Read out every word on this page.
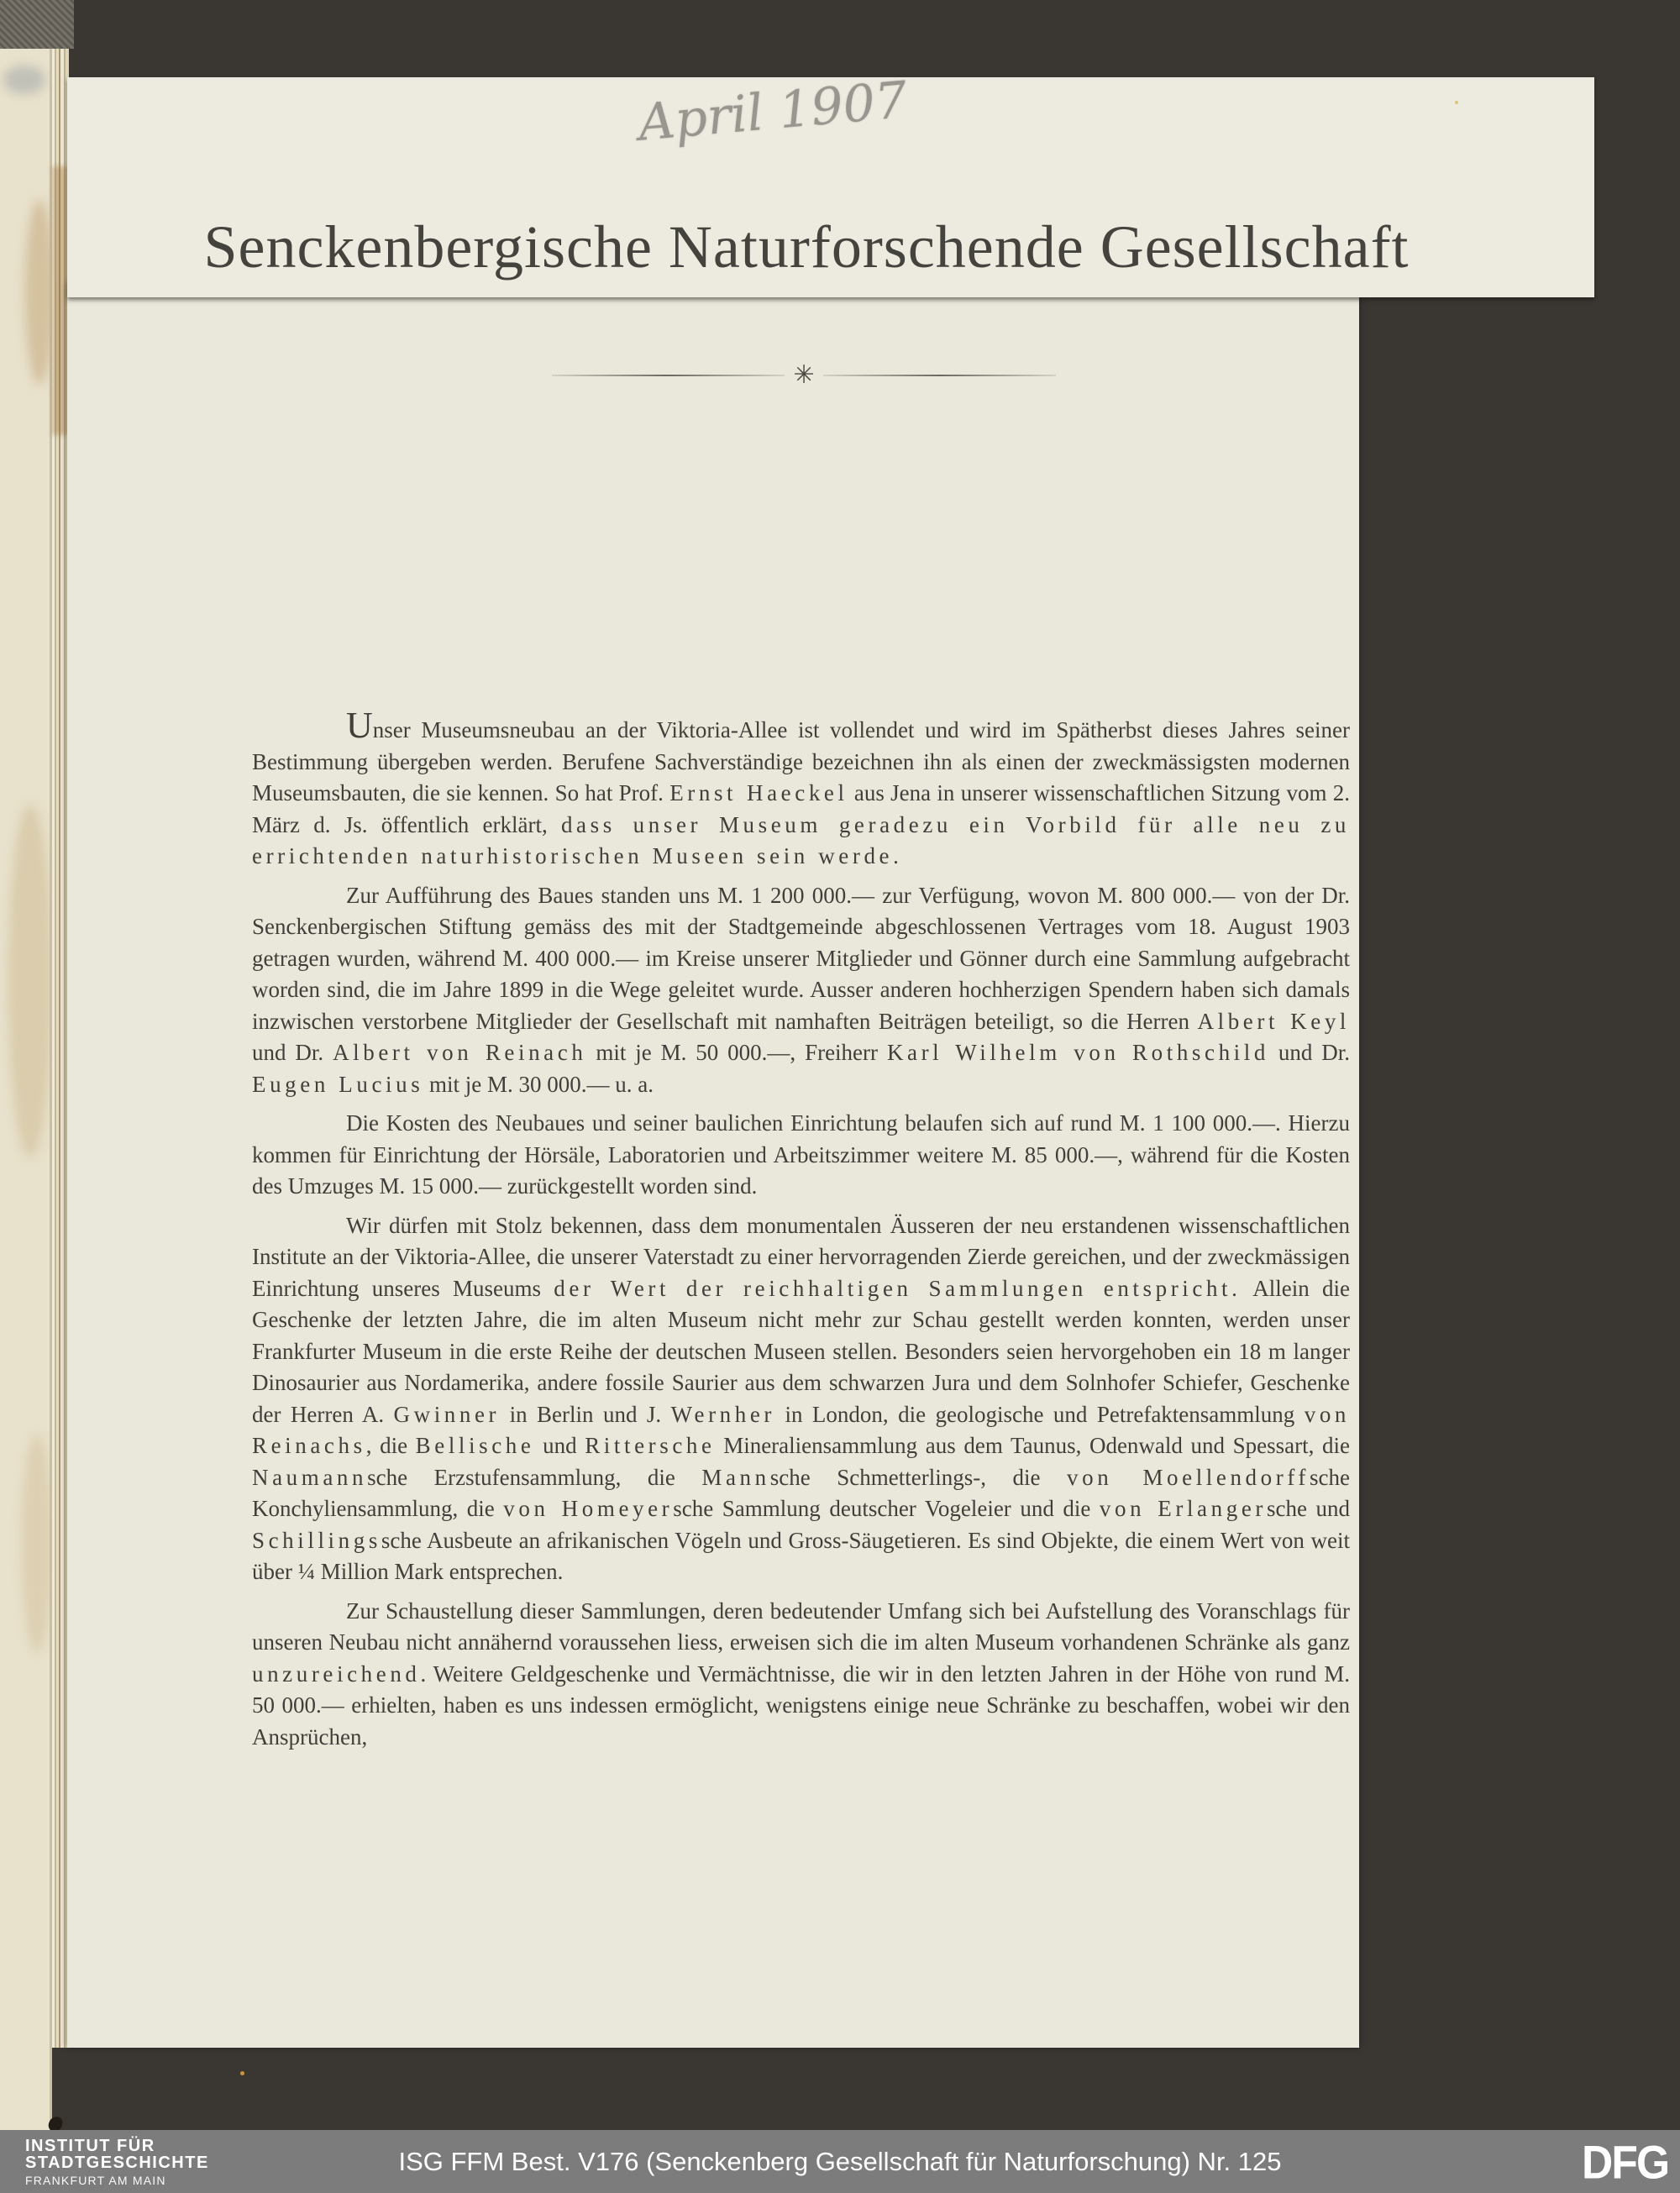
✳

Unser Museumsneubau an der Viktoria-Allee ist vollendet und wird im Spätherbst dieses Jahres seiner Bestimmung übergeben werden. Berufene Sachverständige bezeichnen ihn als einen der zweckmässigsten modernen Museumsbauten, die sie kennen. So hat Prof. Ernst Haeckel aus Jena in unserer wissenschaftlichen Sitzung vom 2. März d. Js. öffentlich erklärt, dass unser Museum geradezu ein Vorbild für alle neu zu errichtenden naturhistorischen Museen sein werde.

Zur Aufführung des Baues standen uns M. 1 200 000.— zur Verfügung, wovon M. 800 000.— von der Dr. Senckenbergischen Stiftung gemäss des mit der Stadtgemeinde abgeschlossenen Vertrages vom 18. August 1903 getragen wurden, während M. 400 000.— im Kreise unserer Mitglieder und Gönner durch eine Sammlung aufgebracht worden sind, die im Jahre 1899 in die Wege geleitet wurde. Ausser anderen hochherzigen Spendern haben sich damals inzwischen verstorbene Mitglieder der Gesellschaft mit namhaften Beiträgen beteiligt, so die Herren Albert Keyl und Dr. Albert von Reinach mit je M. 50 000.—, Freiherr Karl Wilhelm von Rothschild und Dr. Eugen Lucius mit je M. 30 000.— u. a.

Die Kosten des Neubaues und seiner baulichen Einrichtung belaufen sich auf rund M. 1 100 000.—. Hierzu kommen für Einrichtung der Hörsäle, Laboratorien und Arbeitszimmer weitere M. 85 000.—, während für die Kosten des Umzuges M. 15 000.— zurückgestellt worden sind.

Wir dürfen mit Stolz bekennen, dass dem monumentalen Äusseren der neu erstandenen wissenschaftlichen Institute an der Viktoria-Allee, die unserer Vaterstadt zu einer hervorragenden Zierde gereichen, und der zweckmässigen Einrichtung unseres Museums der Wert der reichhaltigen Sammlungen entspricht. Allein die Geschenke der letzten Jahre, die im alten Museum nicht mehr zur Schau gestellt werden konnten, werden unser Frankfurter Museum in die erste Reihe der deutschen Museen stellen. Besonders seien hervorgehoben ein 18 m langer Dinosaurier aus Nordamerika, andere fossile Saurier aus dem schwarzen Jura und dem Solnhofer Schiefer, Geschenke der Herren A. Gwinner in Berlin und J. Wernher in London, die geologische und Petrefaktensammlung von Reinachs, die Bellische und Rittersche Mineraliensammlung aus dem Taunus, Odenwald und Spessart, die Naumannsche Erzstufensammlung, die Mannsche Schmetterlings-, die von Moellendorffsche Konchyliensammlung, die von Homeyersche Sammlung deutscher Vogeleier und die von Erlangersche und Schillingssche Ausbeute an afrikanischen Vögeln und Gross-Säugetieren. Es sind Objekte, die einem Wert von weit über ¼ Million Mark entsprechen.

Zur Schaustellung dieser Sammlungen, deren bedeutender Umfang sich bei Aufstellung des Voranschlags für unseren Neubau nicht annähernd voraussehen liess, erweisen sich die im alten Museum vorhandenen Schränke als ganz unzureichend. Weitere Geldgeschenke und Vermächtnisse, die wir in den letzten Jahren in der Höhe von rund M. 50 000.— erhielten, haben es uns indessen ermöglicht, wenigstens einige neue Schränke zu beschaffen, wobei wir den Ansprüchen,

April 1907
Senckenbergische Naturforschende Gesellschaft
INSTITUT FÜR
STADTGESCHICHTE
FRANKFURT AM MAIN
ISG FFM Best. V176 (Senckenberg Gesellschaft für Naturforschung) Nr. 125	DFG
